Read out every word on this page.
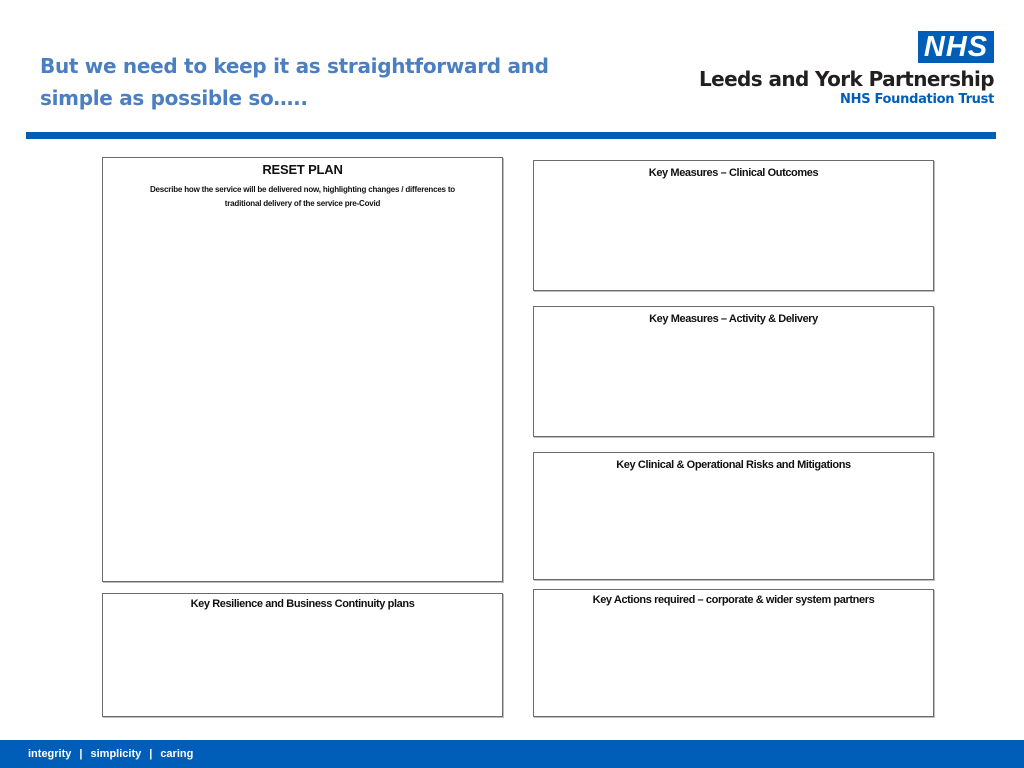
But we need to keep it as straightforward and
simple as possible so…..
NHS
Leeds and York Partnership
NHS Foundation Trust
RESET PLAN
Describe how the service will be delivered now, highlighting changes / differences to
traditional delivery of the service pre-Covid
Key Resilience and Business Continuity plans
Key Measures – Clinical Outcomes
Key Measures – Activity & Delivery
Key Clinical & Operational Risks and Mitigations
Key Actions required – corporate & wider system partners
integrity | simplicity | caring
